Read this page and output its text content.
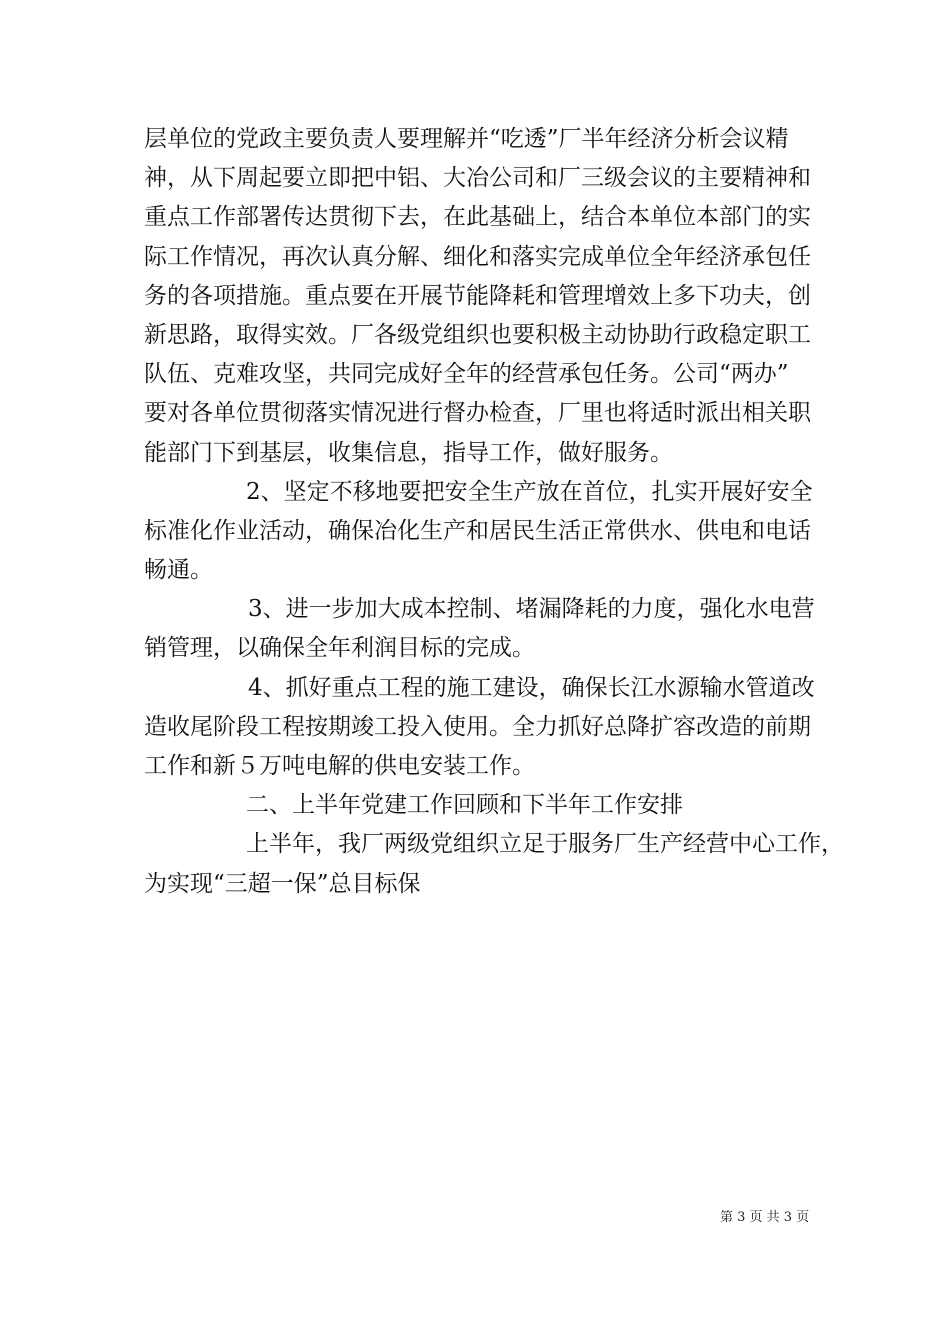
层单位的党政主要负责人要理解并“吃透”厂半年经济分析会议精
神，从下周起要立即把中铝、大冶公司和厂三级会议的主要精神和
重点工作部署传达贯彻下去，在此基础上，结合本单位本部门的实
际工作情况，再次认真分解、细化和落实完成单位全年经济承包任
务的各项措施。重点要在开展节能降耗和管理增效上多下功夫，创
新思路，取得实效。厂各级党组织也要积极主动协助行政稳定职工
队伍、克难攻坚，共同完成好全年的经营承包任务。公司“两办”
要对各单位贯彻落实情况进行督办检查，厂里也将适时派出相关职
能部门下到基层，收集信息，指导工作，做好服务。
2、坚定不移地要把安全生产放在首位，扎实开展好安全
标准化作业活动，确保冶化生产和居民生活正常供水、供电和电话
畅通。
3、进一步加大成本控制、堵漏降耗的力度，强化水电营
销管理，以确保全年利润目标的完成。
4、抓好重点工程的施工建设，确保长江水源输水管道改
造收尾阶段工程按期竣工投入使用。全力抓好总降扩容改造的前期
工作和新５万吨电解的供电安装工作。
二、上半年党建工作回顾和下半年工作安排
上半年，我厂两级党组织立足于服务厂生产经营中心工作，
为实现“三超一保”总目标保
第 3 页 共 3 页
